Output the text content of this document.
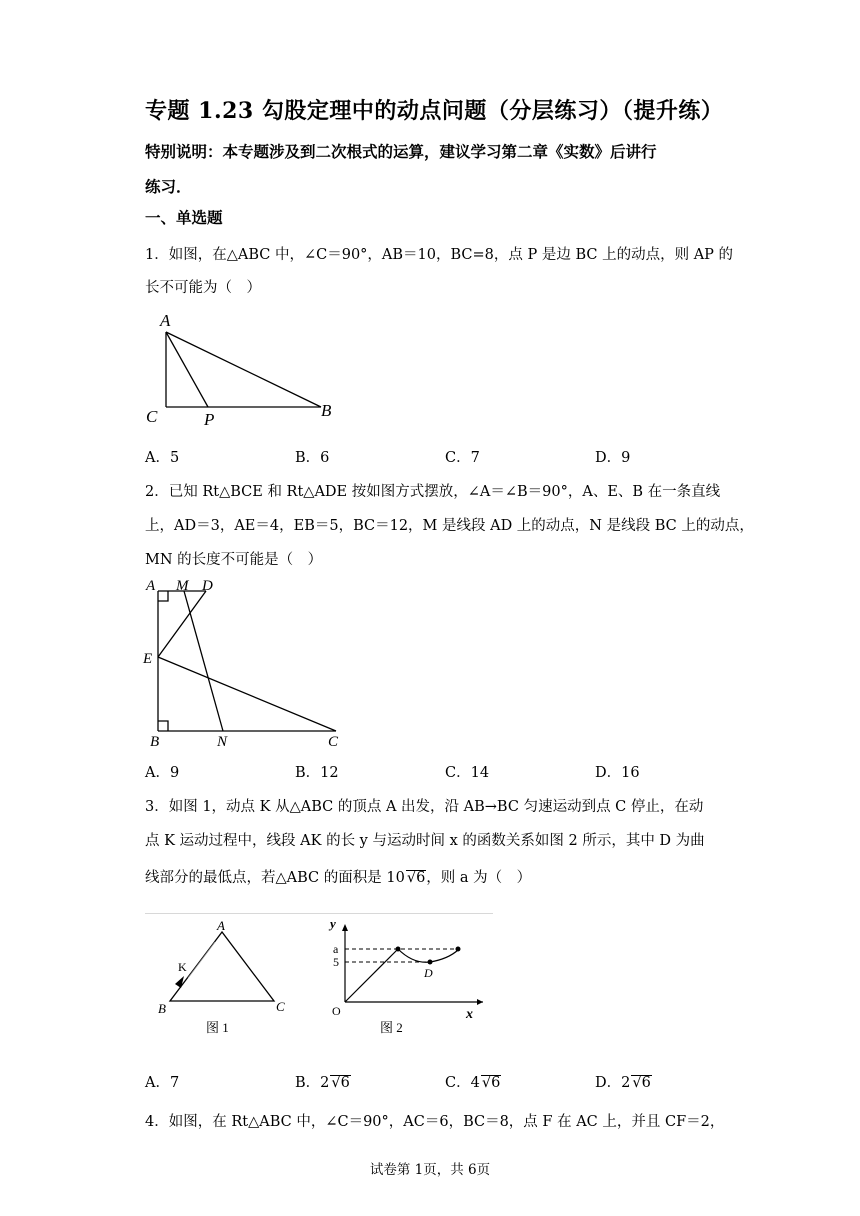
专题 1.23 勾股定理中的动点问题（分层练习）（提升练）
特别说明：本专题涉及到二次根式的运算，建议学习第二章《实数》后讲行
练习．
一、单选题
1．如图，在△ABC 中，∠C＝90°，AB＝10，BC=8，点 P 是边 BC 上的动点，则 AP 的
长不可能为（　）
A
C	P	B
A．5	B．6	C．7	D．9
2．已知 Rt△BCE 和 Rt△ADE 按如图方式摆放，∠A＝∠B＝90°，A、E、B 在一条直线
上，AD＝3，AE＝4，EB＝5，BC＝12，M 是线段 AD 上的动点，N 是线段 BC 上的动点，
MN 的长度不可能是（　）
A M D
E
B	N	C
A．9	B．12	C．14	D．16
3．如图 1，动点 K 从△ABC 的顶点 A 出发，沿 AB→BC 匀速运动到点 C 停止，在动
点 K 运动过程中，线段 AK 的长 y 与运动时间 x 的函数关系如图 2 所示，其中 D 为曲
线部分的最低点，若△ABC 的面积是 10 √6，则 a 为（　）
A
B	C
K
图 1
y
x
O
a
5
D
图 2
A．7	B．2 √6	C．4 √6	D．2 √6
4．如图，在 Rt△ABC 中，∠C＝90°，AC＝6，BC＝8，点 F 在 AC 上，并且 CF＝2，
试卷第 1页，共 6页
